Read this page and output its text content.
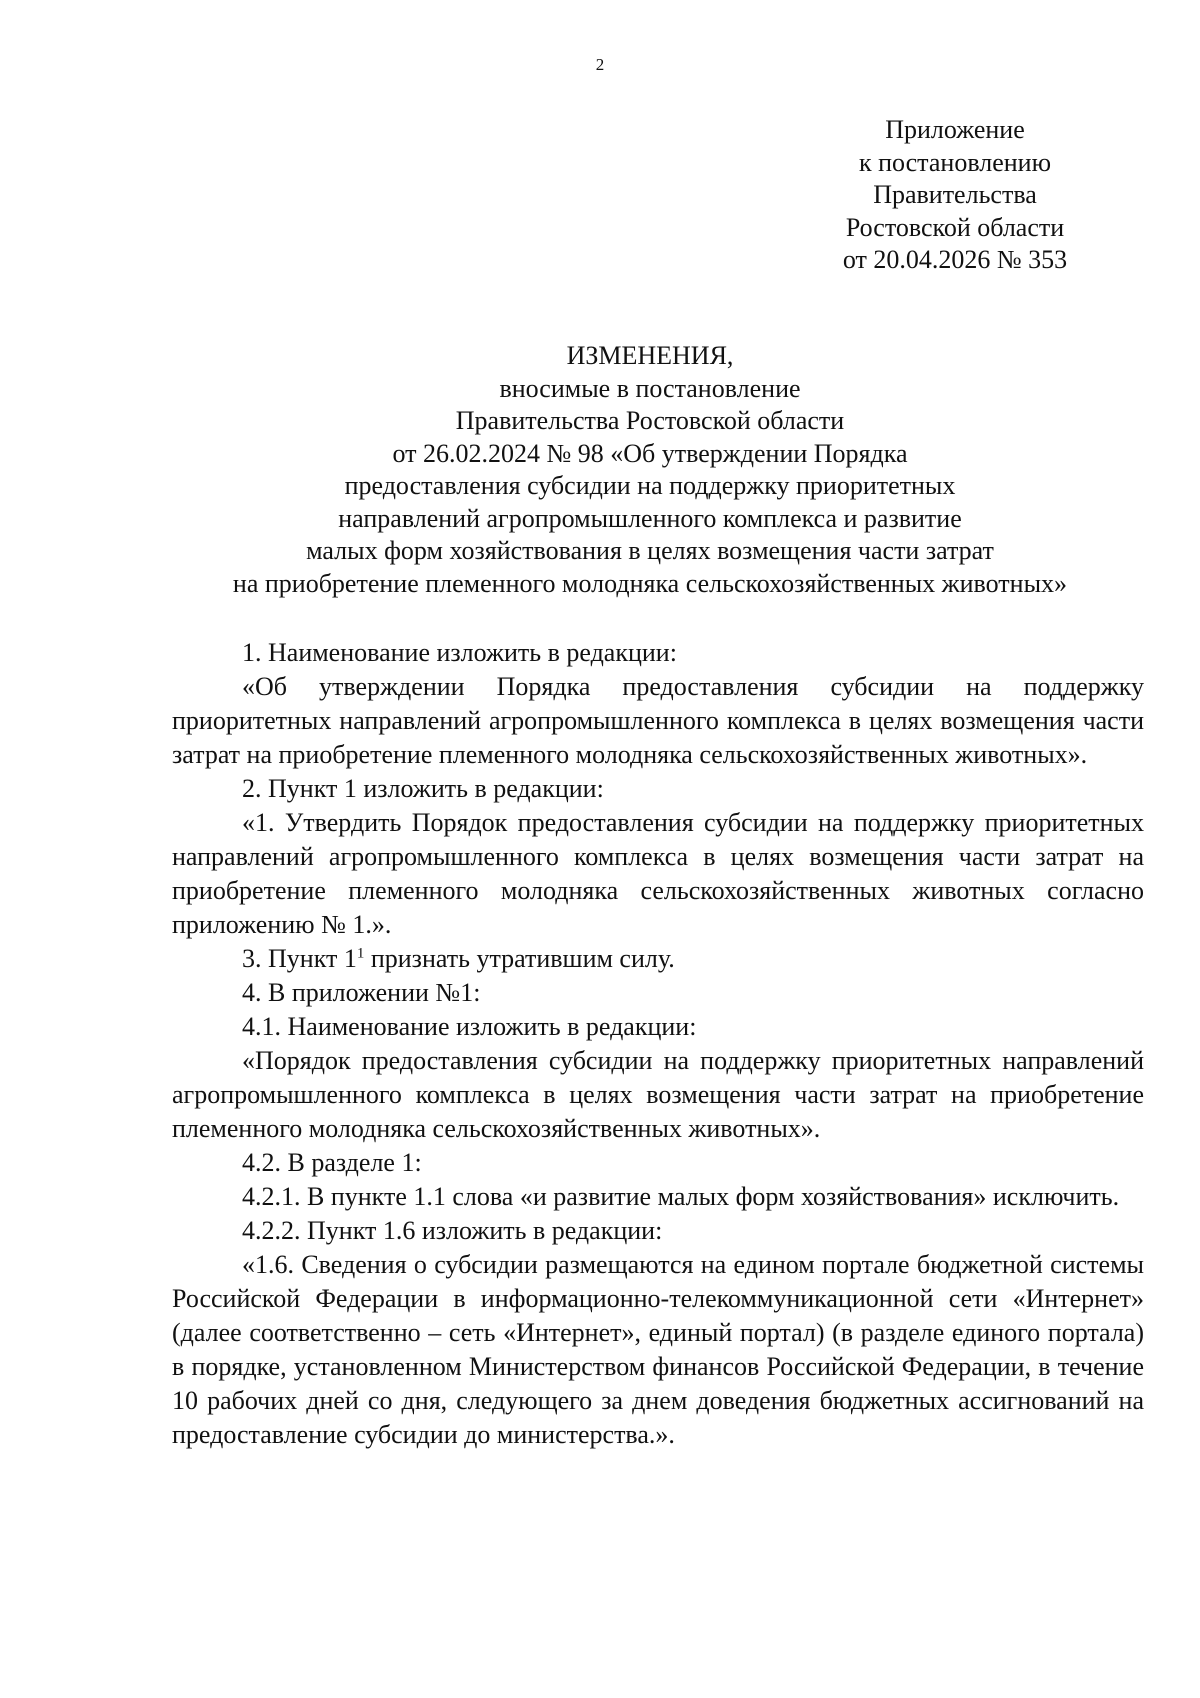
2
Приложение
к постановлению
Правительства
Ростовской области
от 20.04.2026 № 353
ИЗМЕНЕНИЯ,
вносимые в постановление
Правительства Ростовской области
от 26.02.2024 № 98 «Об утверждении Порядка
предоставления субсидии на поддержку приоритетных
направлений агропромышленного комплекса и развитие
малых форм хозяйствования в целях возмещения части затрат
на приобретение племенного молодняка сельскохозяйственных животных»

1. Наименование изложить в редакции:

«Об утверждении Порядка предоставления субсидии на поддержку приоритетных направлений агропромышленного комплекса в целях возмещения части затрат на приобретение племенного молодняка сельскохозяйственных животных».

2. Пункт 1 изложить в редакции:

«1. Утвердить Порядок предоставления субсидии на поддержку приоритетных направлений агропромышленного комплекса в целях возмещения части затрат на приобретение племенного молодняка сельскохозяйственных животных согласно приложению № 1.».

3. Пункт $1^1$ признать утратившим силу.

4. В приложении №1:

4.1. Наименование изложить в редакции:

«Порядок предоставления субсидии на поддержку приоритетных направлений агропромышленного комплекса в целях возмещения части затрат на приобретение племенного молодняка сельскохозяйственных животных».

4.2. В разделе 1:

4.2.1. В пункте 1.1 слова «и развитие малых форм хозяйствования» исключить.

4.2.2. Пункт 1.6 изложить в редакции:

«1.6. Сведения о субсидии размещаются на едином портале бюджетной системы Российской Федерации в информационно-телекоммуникационной сети «Интернет» (далее соответственно – сеть «Интернет», единый портал) (в разделе единого портала) в порядке, установленном Министерством финансов Российской Федерации, в течение 10 рабочих дней со дня, следующего за днем доведения бюджетных ассигнований на предоставление субсидии до министерства.».
